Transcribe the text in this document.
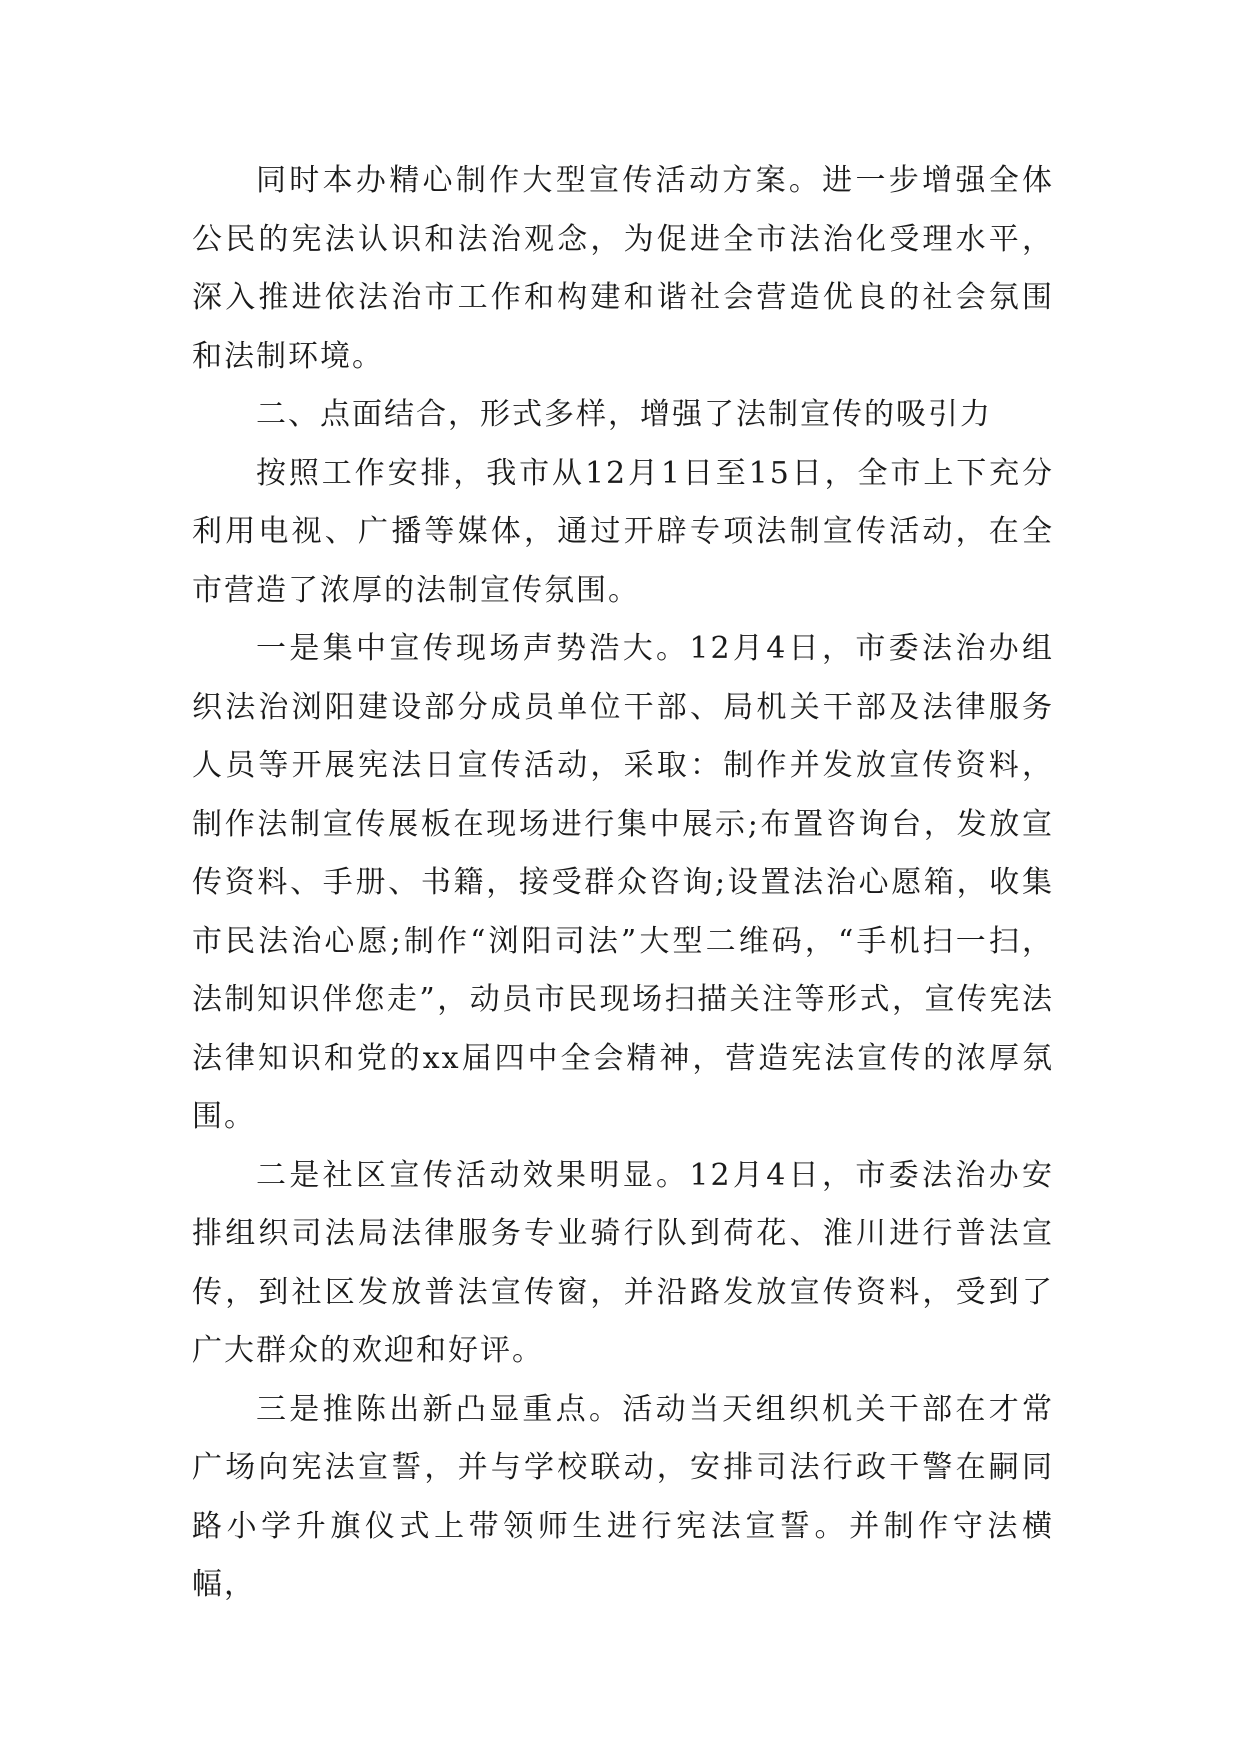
同时本办精心制作大型宣传活动方案。进一步增强全体公民的宪法认识和法治观念，为促进全市法治化受理水平，深入推进依法治市工作和构建和谐社会营造优良的社会氛围和法制环境。

二、点面结合，形式多样，增强了法制宣传的吸引力

按照工作安排，我市从12月1日至15日，全市上下充分利用电视、广播等媒体，通过开辟专项法制宣传活动，在全市营造了浓厚的法制宣传氛围。

一是集中宣传现场声势浩大。12月4日，市委法治办组织法治浏阳建设部分成员单位干部、局机关干部及法律服务人员等开展宪法日宣传活动，采取：制作并发放宣传资料，制作法制宣传展板在现场进行集中展示;布置咨询台，发放宣传资料、手册、书籍，接受群众咨询;设置法治心愿箱，收集市民法治心愿;制作“浏阳司法”大型二维码，“手机扫一扫，法制知识伴您走”，动员市民现场扫描关注等形式，宣传宪法法律知识和党的xx届四中全会精神，营造宪法宣传的浓厚氛围。

二是社区宣传活动效果明显。12月4日，市委法治办安排组织司法局法律服务专业骑行队到荷花、淮川进行普法宣传，到社区发放普法宣传窗，并沿路发放宣传资料，受到了广大群众的欢迎和好评。

三是推陈出新凸显重点。活动当天组织机关干部在才常广场向宪法宣誓，并与学校联动，安排司法行政干警在嗣同路小学升旗仪式上带领师生进行宪法宣誓。并制作守法横幅，
